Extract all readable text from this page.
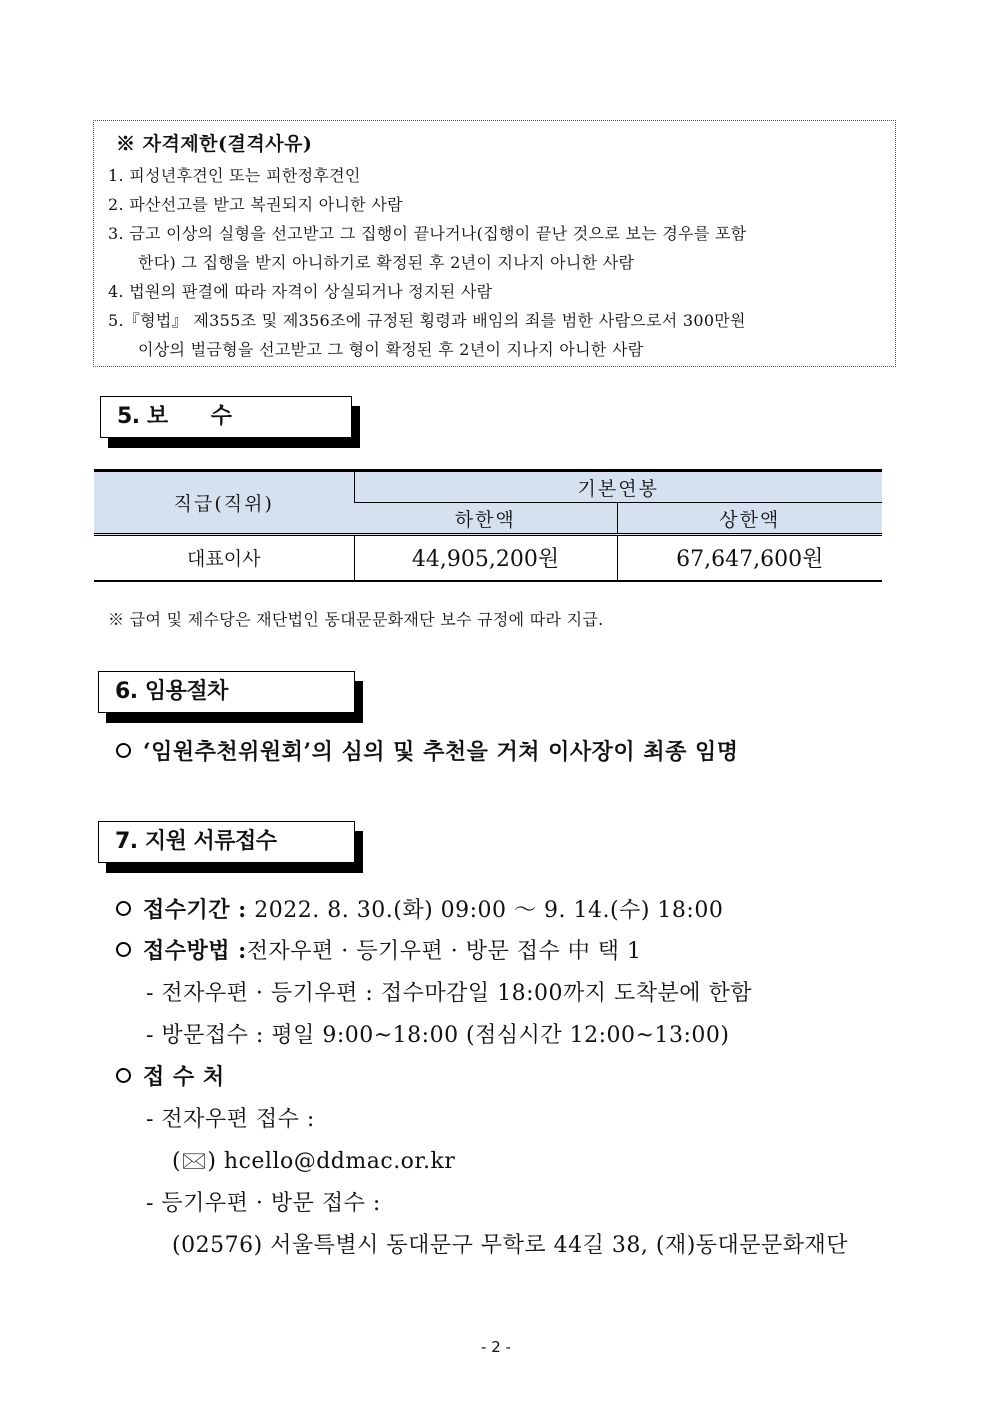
※ 자격제한(결격사유)
1. 피성년후견인 또는 피한정후견인
2. 파산선고를 받고 복권되지 아니한 사람
3. 금고 이상의 실형을 선고받고 그 집행이 끝나거나(집행이 끝난 것으로 보는 경우를 포함
한다) 그 집행을 받지 아니하기로 확정된 후 2년이 지나지 아니한 사람
4. 법원의 판결에 따라 자격이 상실되거나 정지된 사람
5.『형법』 제355조 및 제356조에 규정된 횡령과 배임의 죄를 범한 사람으로서 300만원
이상의 벌금형을 선고받고 그 형이 확정된 후 2년이 지나지 아니한 사람
5. 보　　수
직급(직위)	기본연봉	
	하한액	상한액
대표이사	44,905,200원	67,647,600원
※ 급여 및 제수당은 재단법인 동대문문화재단 보수 규정에 따라 지급.
6. 임용절차
‘임원추천위원회’의 심의 및 추천을 거쳐 이사장이 최종 임명
7. 지원 서류접수
접수기간 : 2022. 8. 30.(화) 09:00 ～ 9. 14.(수) 18:00
접수방법 :전자우편 · 등기우편 · 방문 접수 中 택 1
- 전자우편 · 등기우편 : 접수마감일 18:00까지 도착분에 한함
- 방문접수 : 평일 9:00~18:00 (점심시간 12:00~13:00)
접 수 처
- 전자우편 접수 :
(🖂) hcello@ddmac.or.kr
- 등기우편 · 방문 접수 :
(02576) 서울특별시 동대문구 무학로 44길 38, (재)동대문문화재단
- 2 -
